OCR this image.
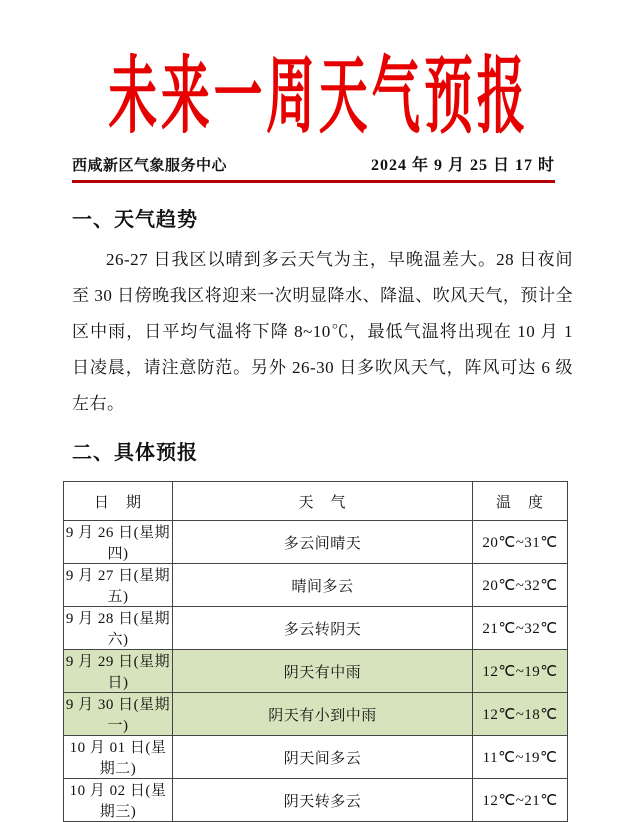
未来一周天气预报
西咸新区气象服务中心	2024 年 9 月 25 日 17 时
一、天气趋势

26-27 日我区以晴到多云天气为主，早晚温差大。28 日夜间至 30 日傍晚我区将迎来一次明显降水、降温、吹风天气，预计全区中雨，日平均气温将下降 8~10℃，最低气温将出现在 10 月 1 日凌晨，请注意防范。另外 26-30 日多吹风天气，阵风可达 6 级左右。

二、具体预报
日　期	天　气	温　度
9 月 26 日(星期四)	多云间晴天	20℃~31℃
9 月 27 日(星期五)	晴间多云	20℃~32℃
9 月 28 日(星期六)	多云转阴天	21℃~32℃
9 月 29 日(星期日)	阴天有中雨	12℃~19℃
9 月 30 日(星期一)	阴天有小到中雨	12℃~18℃
10 月 01 日(星期二)	阴天间多云	11℃~19℃
10 月 02 日(星期三)	阴天转多云	12℃~21℃
